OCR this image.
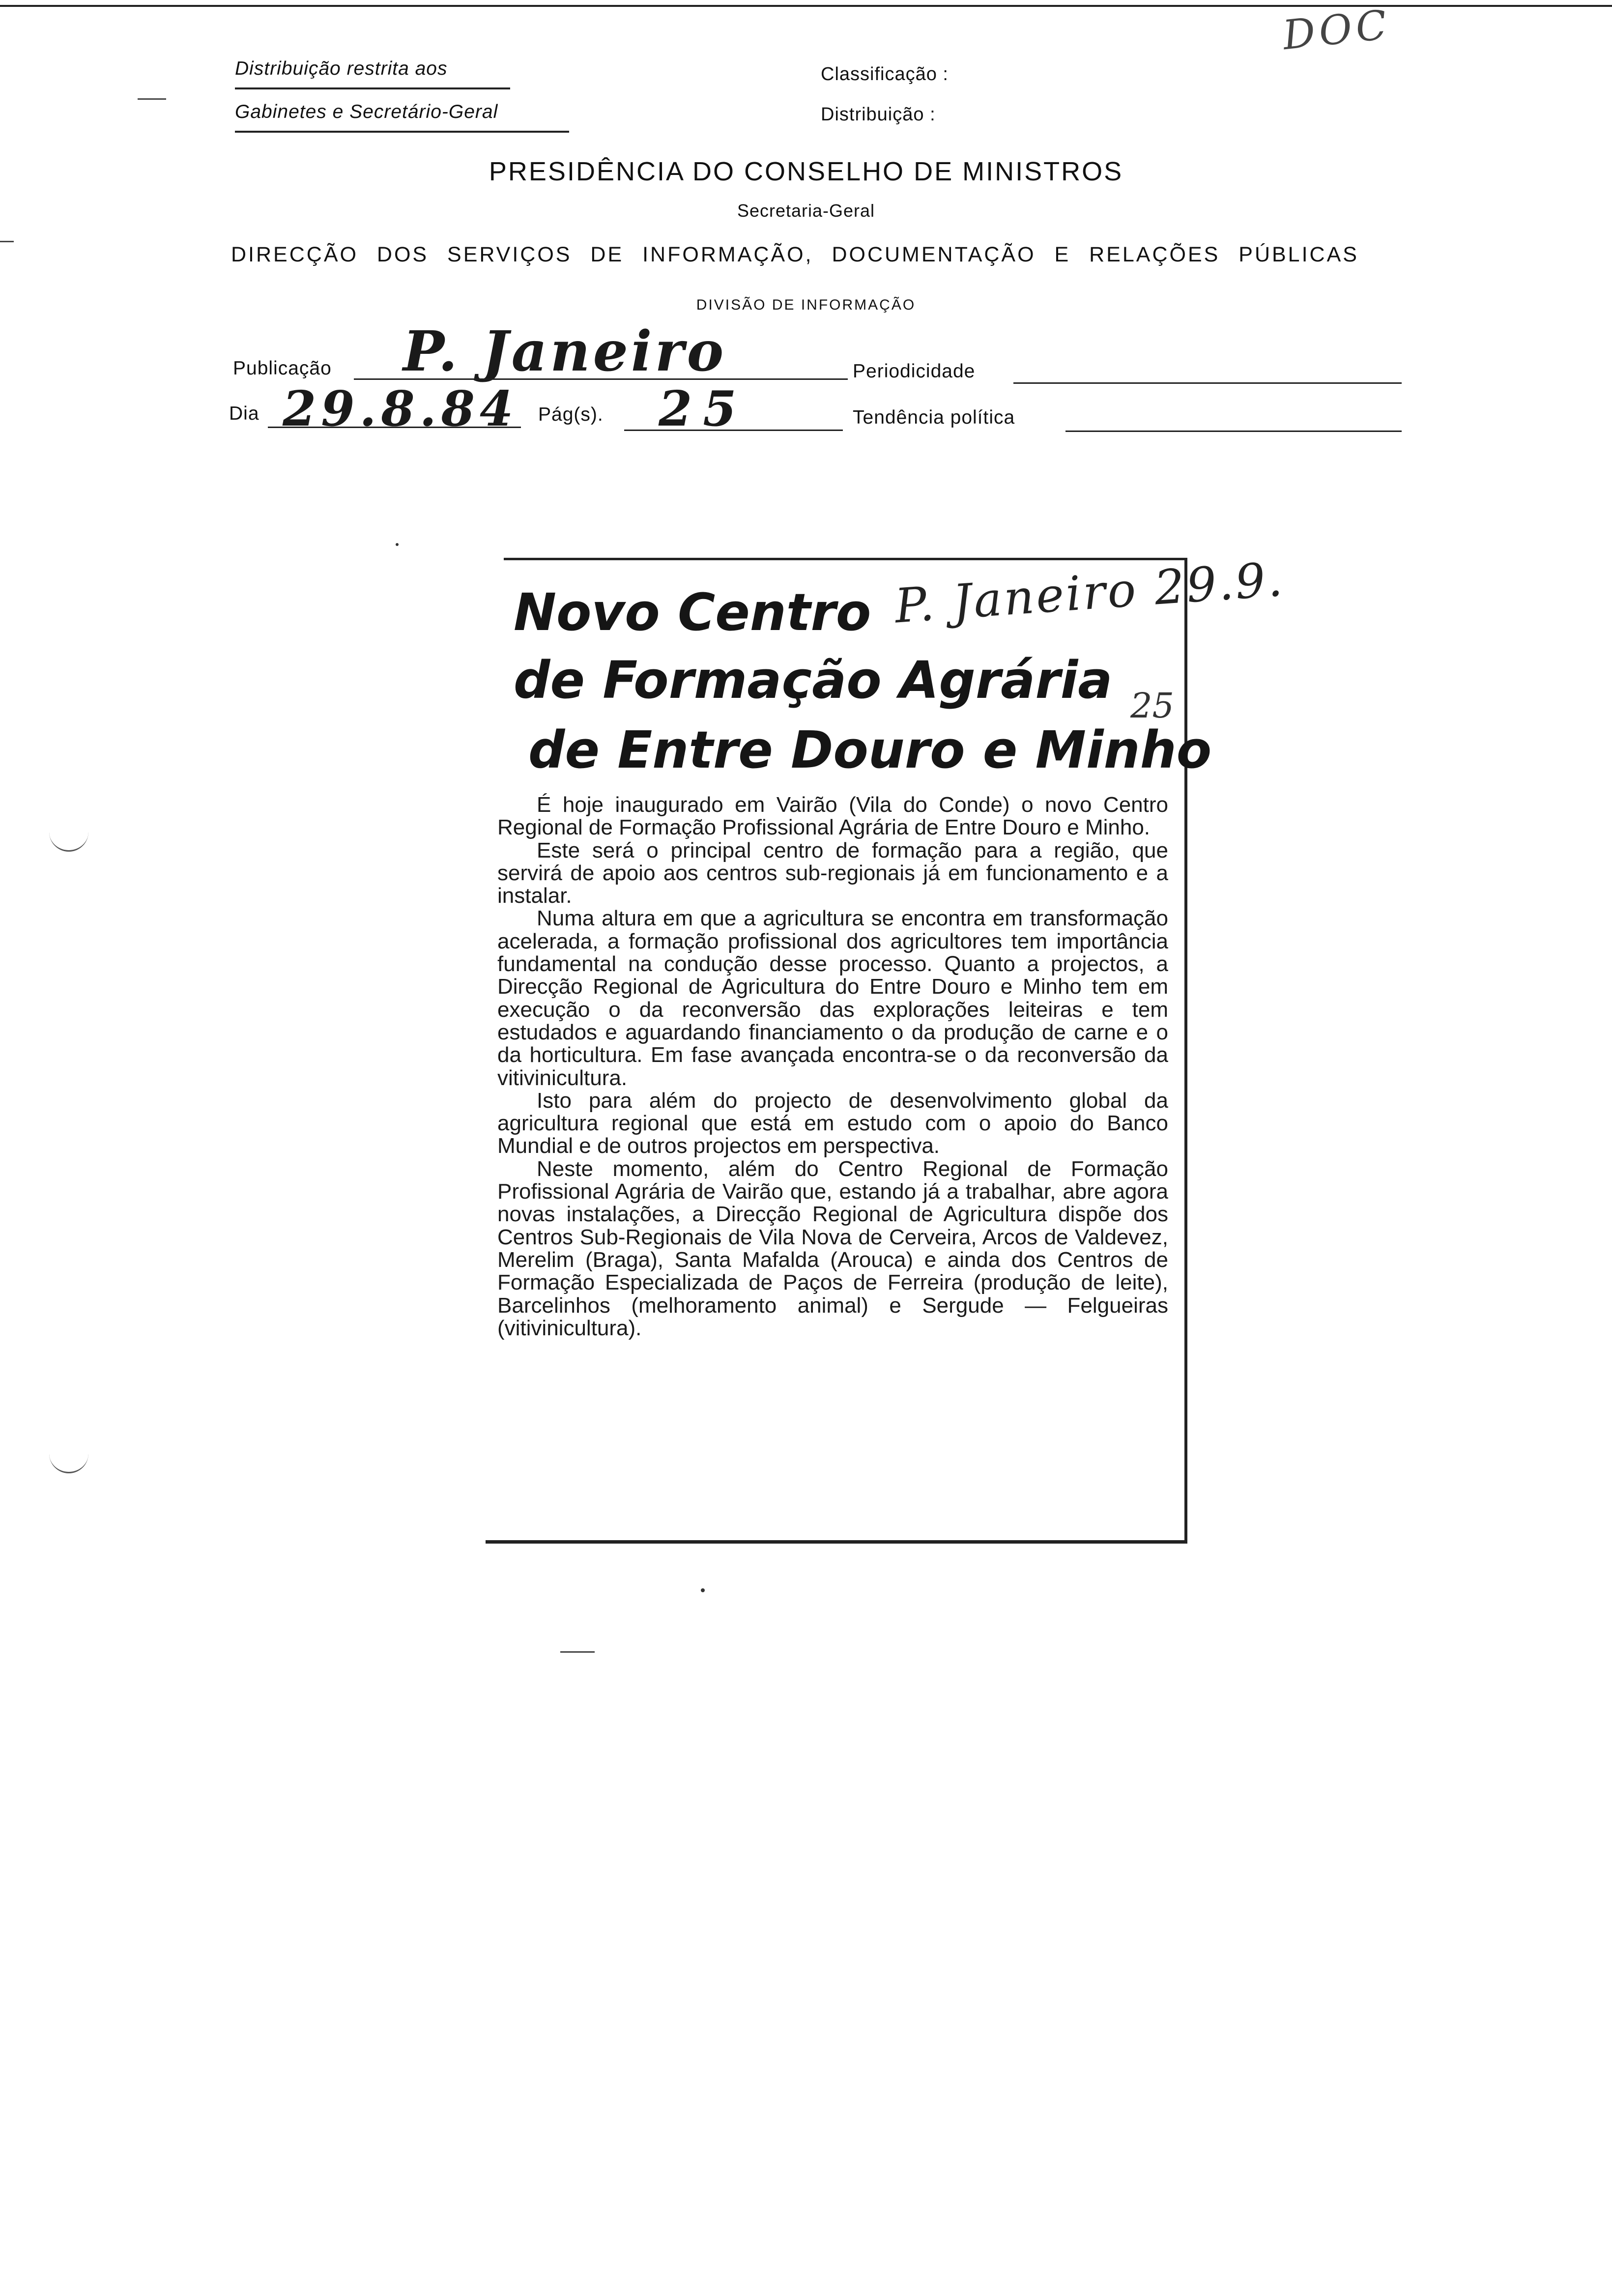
Distribuição restrita aos
Gabinetes e Secretário-Geral
Classificação :
Distribuição :
DOC
PRESIDÊNCIA DO CONSELHO DE MINISTROS
Secretaria-Geral
DIRECÇÃO DOS SERVIÇOS DE INFORMAÇÃO, DOCUMENTAÇÃO E RELAÇÕES PÚBLICAS
DIVISÃO DE INFORMAÇÃO
Publicação P. Janeiro	Periodicidade
Dia 29.8.84 Pág(s). 25	Tendência política
Novo Centro
de Formação Agrária
de Entre Douro e Minho
P. Janeiro 29.9.
25

É hoje inaugurado em Vairão (Vila do Conde) o novo Centro Regional de Formação Profissional Agrária de Entre Douro e Minho.

Este será o principal centro de formação para a região, que servirá de apoio aos centros sub-regionais já em funcionamento e a instalar.

Numa altura em que a agricultura se encontra em transformação acelerada, a formação profissional dos agricultores tem importância fundamental na condução desse processo. Quanto a projectos, a Direcção Regional de Agricultura do Entre Douro e Minho tem em execução o da reconversão das explorações leiteiras e tem estudados e aguardando financiamento o da produção de carne e o da horticultura. Em fase avançada encontra-se o da reconversão da vitivinicultura.

Isto para além do projecto de desenvolvimento global da agricultura regional que está em estudo com o apoio do Banco Mundial e de outros projectos em perspectiva.

Neste momento, além do Centro Regional de Formação Profissional Agrária de Vairão que, estando já a trabalhar, abre agora novas instalações, a Direcção Regional de Agricultura dispõe dos Centros Sub-Regionais de Vila Nova de Cerveira, Arcos de Valdevez, Merelim (Braga), Santa Mafalda (Arouca) e ainda dos Centros de Formação Especializada de Paços de Ferreira (produção de leite), Barcelinhos (melhoramento animal) e Sergude — Felgueiras (vitivinicultura).
